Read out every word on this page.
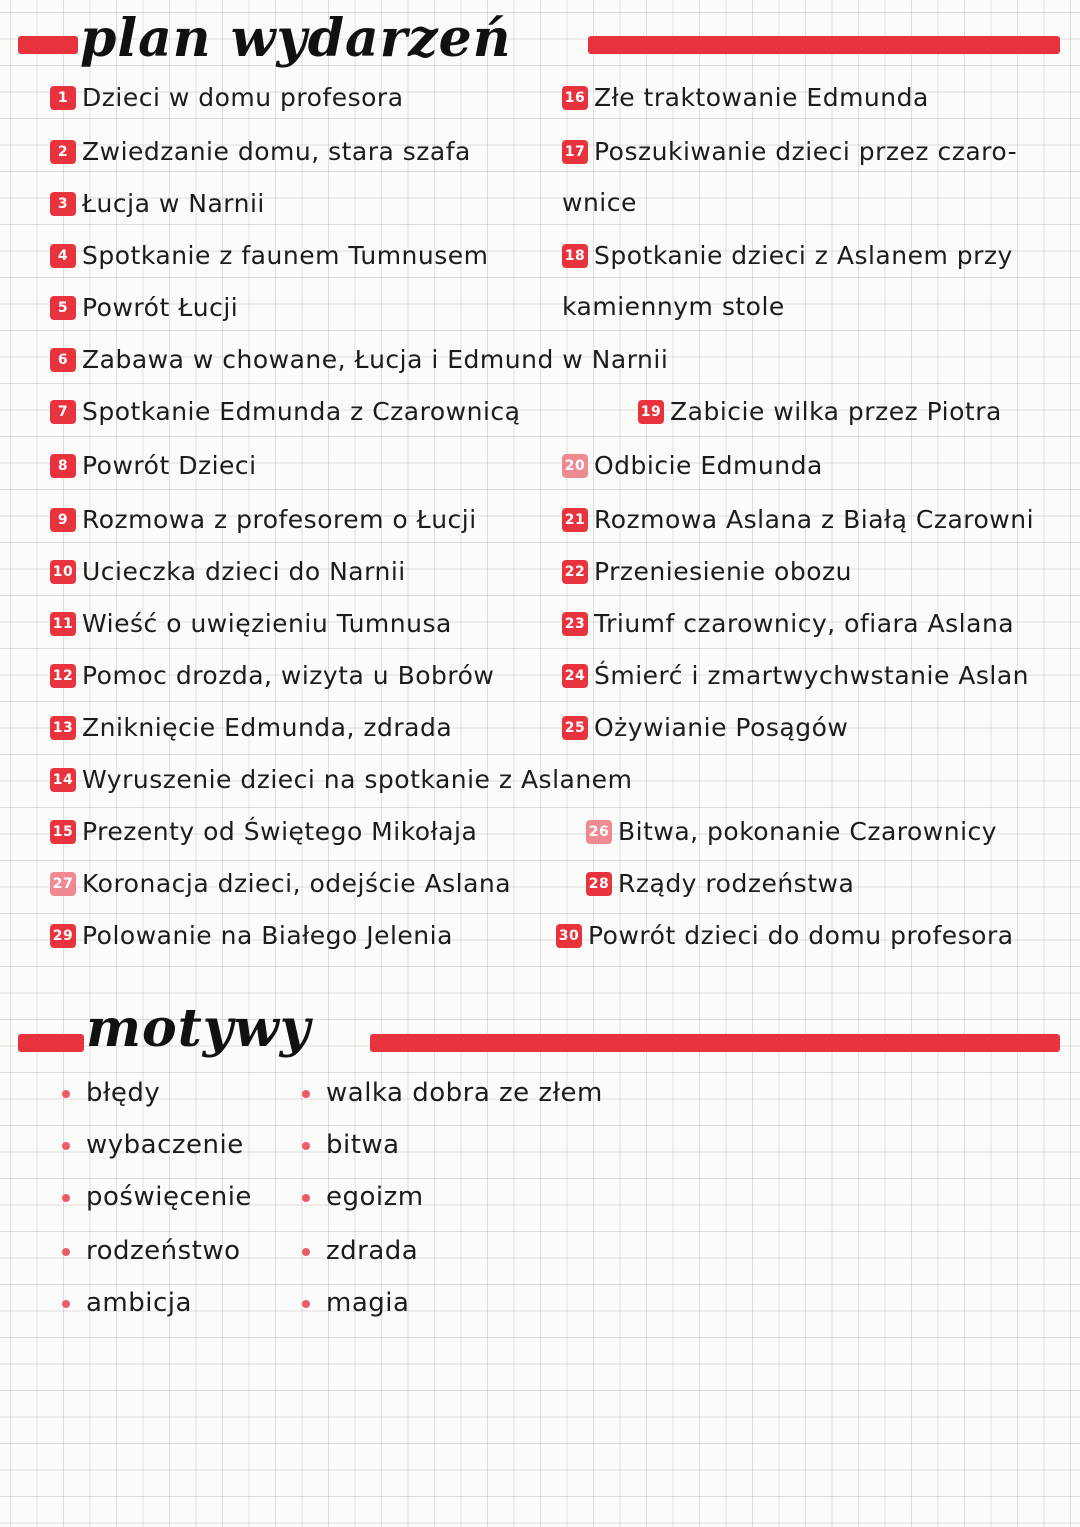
plan wydarzeń
1 Dzieci w domu profesora
2 Zwiedzanie domu, stara szafa
3 Łucja w Narnii
4 Spotkanie z faunem Tumnusem
5 Powrót Łucji
6 Zabawa w chowane, Łucja i Edmund w Narnii
7 Spotkanie Edmunda z Czarownicą
8 Powrót Dzieci
9 Rozmowa z profesorem o Łucji
10 Ucieczka dzieci do Narnii
11 Wieść o uwięzieniu Tumnusa
12 Pomoc drozda, wizyta u Bobrów
13 Zniknięcie Edmunda, zdrada
14 Wyruszenie dzieci na spotkanie z Aslanem
15 Prezenty od Świętego Mikołaja
27 Koronacja dzieci, odejście Aslana
29 Polowanie na Białego Jelenia
16 Złe traktowanie Edmunda
17 Poszukiwanie dzieci przez czaro-
wnice
18 Spotkanie dzieci z Aslanem przy
kamiennym stole
19 Zabicie wilka przez Piotra
20 Odbicie Edmunda
21 Rozmowa Aslana z Białą Czarowni
22 Przeniesienie obozu
23 Triumf czarownicy, ofiara Aslana
24 Śmierć i zmartwychwstanie Aslan
25 Ożywianie Posągów
26 Bitwa, pokonanie Czarownicy
28 Rządy rodzeństwa
30 Powrót dzieci do domu profesora
motywy
błędy
wybaczenie
poświęcenie
rodzeństwo
ambicja
walka dobra ze złem
bitwa
egoizm
zdrada
magia
